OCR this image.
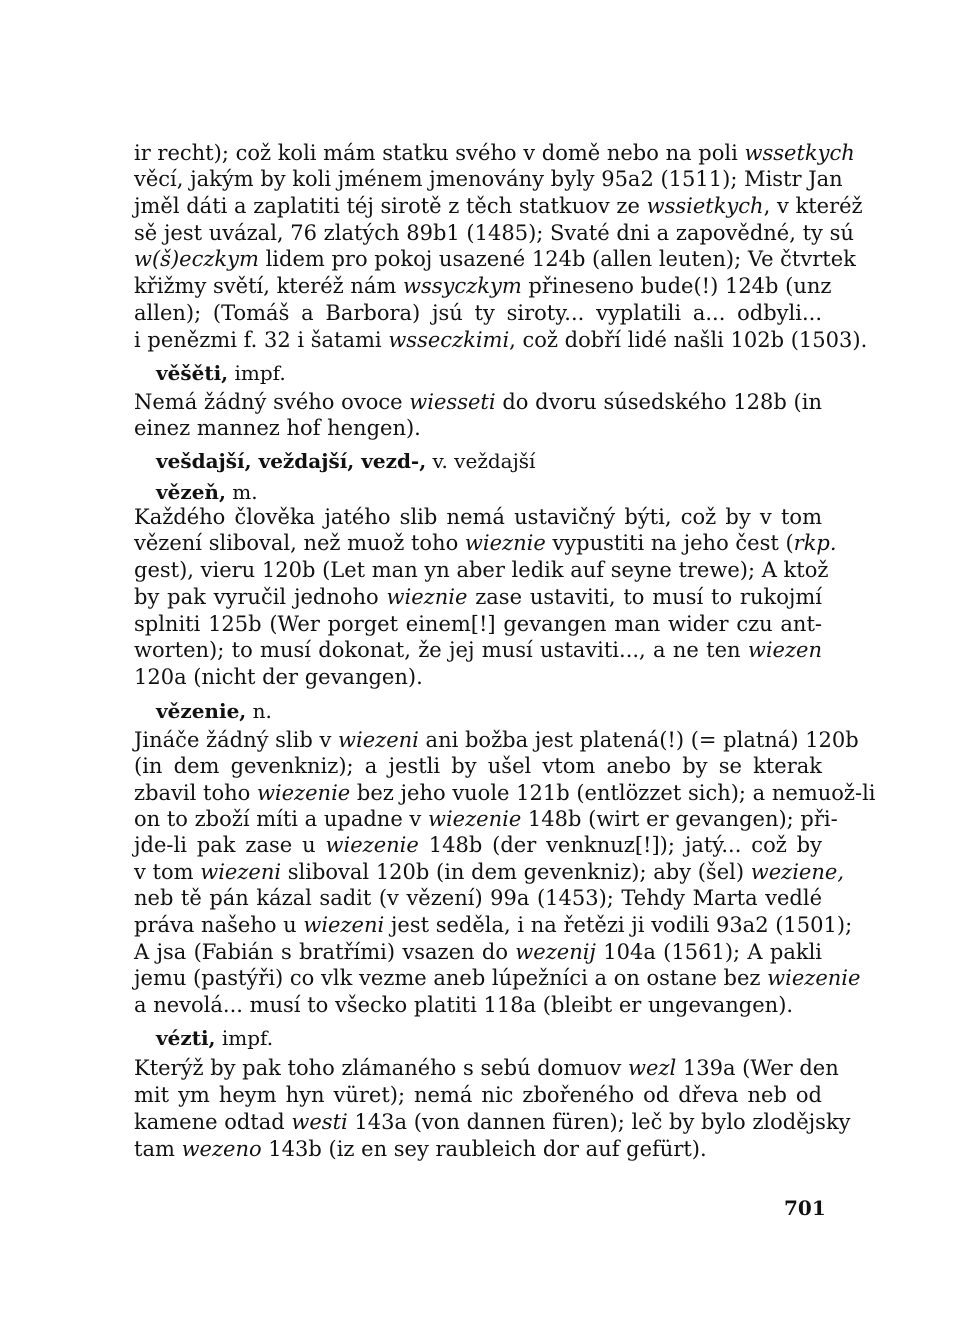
ir recht); což koli mám statku svého v domě nebo na poli wssetkych
věcí, jakým by koli jménem jmenovány byly 95a2 (1511); Mistr Jan
jměl dáti a zaplatiti téj sirotě z těch statkuov ze wssietkych, v kteréž
sě jest uvázal, 76 zlatých 89b1 (1485); Svaté dni a zapovědné, ty sú
w(š)eczkym lidem pro pokoj usazené 124b (allen leuten); Ve čtvrtek
křižmy světí, kteréž nám wssyczkym přineseno bude(!) 124b (unz
allen); (Tomáš a Barbora) jsú ty siroty... vyplatili a... odbyli...
i penězmi f. 32 i šatami wsseczkimi, což dobří lidé našli 102b (1503).
věšěti, impf.
Nemá žádný svého ovoce wiesseti do dvoru súsedského 128b (in
einez mannez hof hengen).
vešdajší, veždajší, vezd-, v. veždajší
vězeň, m.
Každého člověka jatého slib nemá ustavičný býti, což by v tom
vězení sliboval, než muož toho wieznie vypustiti na jeho čest (rkp.
gest), vieru 120b (Let man yn aber ledik auf seyne trewe); A ktož
by pak vyručil jednoho wieznie zase ustaviti, to musí to rukojmí
splniti 125b (Wer porget einem[!] gevangen man wider czu ant-
worten); to musí dokonat, že jej musí ustaviti..., a ne ten wiezen
120a (nicht der gevangen).
vězenie, n.
Jináče žádný slib v wiezeni ani božba jest platená(!) (= platná) 120b
(in dem gevenkniz); a jestli by ušel vtom anebo by se kterak
zbavil toho wiezenie bez jeho vuole 121b (entlözzet sich); a nemuož-li
on to zboží míti a upadne v wiezenie 148b (wirt er gevangen); při-
jde-li pak zase u wiezenie 148b (der venknuz[!]); jatý... což by
v tom wiezeni sliboval 120b (in dem gevenkniz); aby (šel) weziene,
neb tě pán kázal sadit (v vězení) 99a (1453); Tehdy Marta vedlé
práva našeho u wiezeni jest seděla, i na řetězi ji vodili 93a2 (1501);
A jsa (Fabián s bratřími) vsazen do wezenij 104a (1561); A pakli
jemu (pastýři) co vlk vezme aneb lúpežníci a on ostane bez wiezenie
a nevolá... musí to všecko platiti 118a (bleibt er ungevangen).
vézti, impf.
Kterýž by pak toho zlámaného s sebú domuov wezl 139a (Wer den
mit ym heym hyn vüret); nemá nic zbořeného od dřeva neb od
kamene odtad westi 143a (von dannen füren); leč by bylo zlodějsky
tam wezeno 143b (iz en sey raubleich dor auf gefürt).
701
